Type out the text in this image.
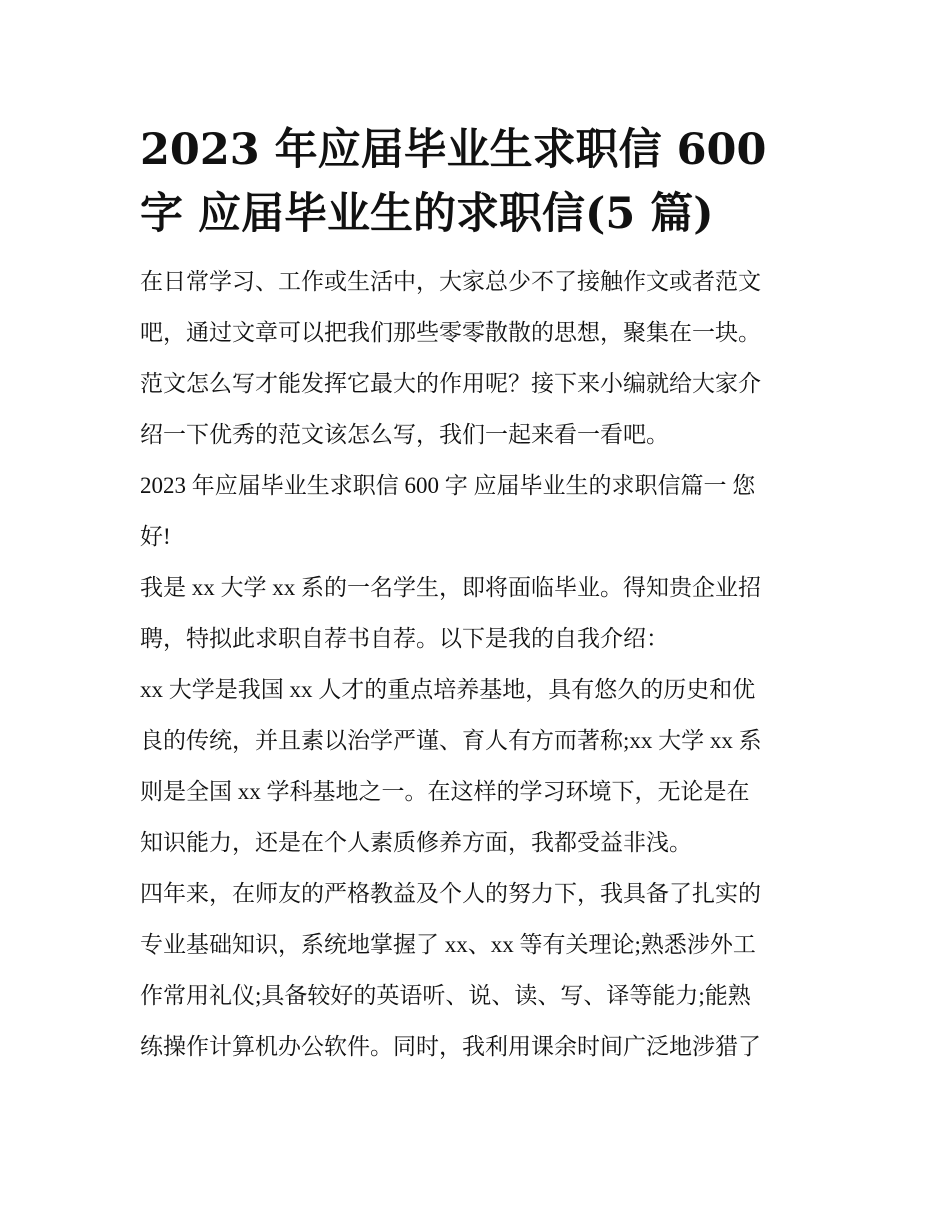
2023 年应届毕业生求职信 600
字 应届毕业生的求职信(5 篇)

在日常学习、工作或生活中，大家总少不了接触作文或者范文
吧，通过文章可以把我们那些零零散散的思想，聚集在一块。
范文怎么写才能发挥它最大的作用呢？接下来小编就给大家介
绍一下优秀的范文该怎么写，我们一起来看一看吧。

2023 年应届毕业生求职信 600 字 应届毕业生的求职信篇一 您
好!

我是 xx 大学 xx 系的一名学生，即将面临毕业。得知贵企业招
聘，特拟此求职自荐书自荐。以下是我的自我介绍：

xx 大学是我国 xx 人才的重点培养基地，具有悠久的历史和优
良的传统，并且素以治学严谨、育人有方而著称;xx 大学 xx 系
则是全国 xx 学科基地之一。在这样的学习环境下，无论是在
知识能力，还是在个人素质修养方面，我都受益非浅。

四年来，在师友的严格教益及个人的努力下，我具备了扎实的
专业基础知识，系统地掌握了 xx、xx 等有关理论;熟悉涉外工
作常用礼仪;具备较好的英语听、说、读、写、译等能力;能熟
练操作计算机办公软件。同时，我利用课余时间广泛地涉猎了
